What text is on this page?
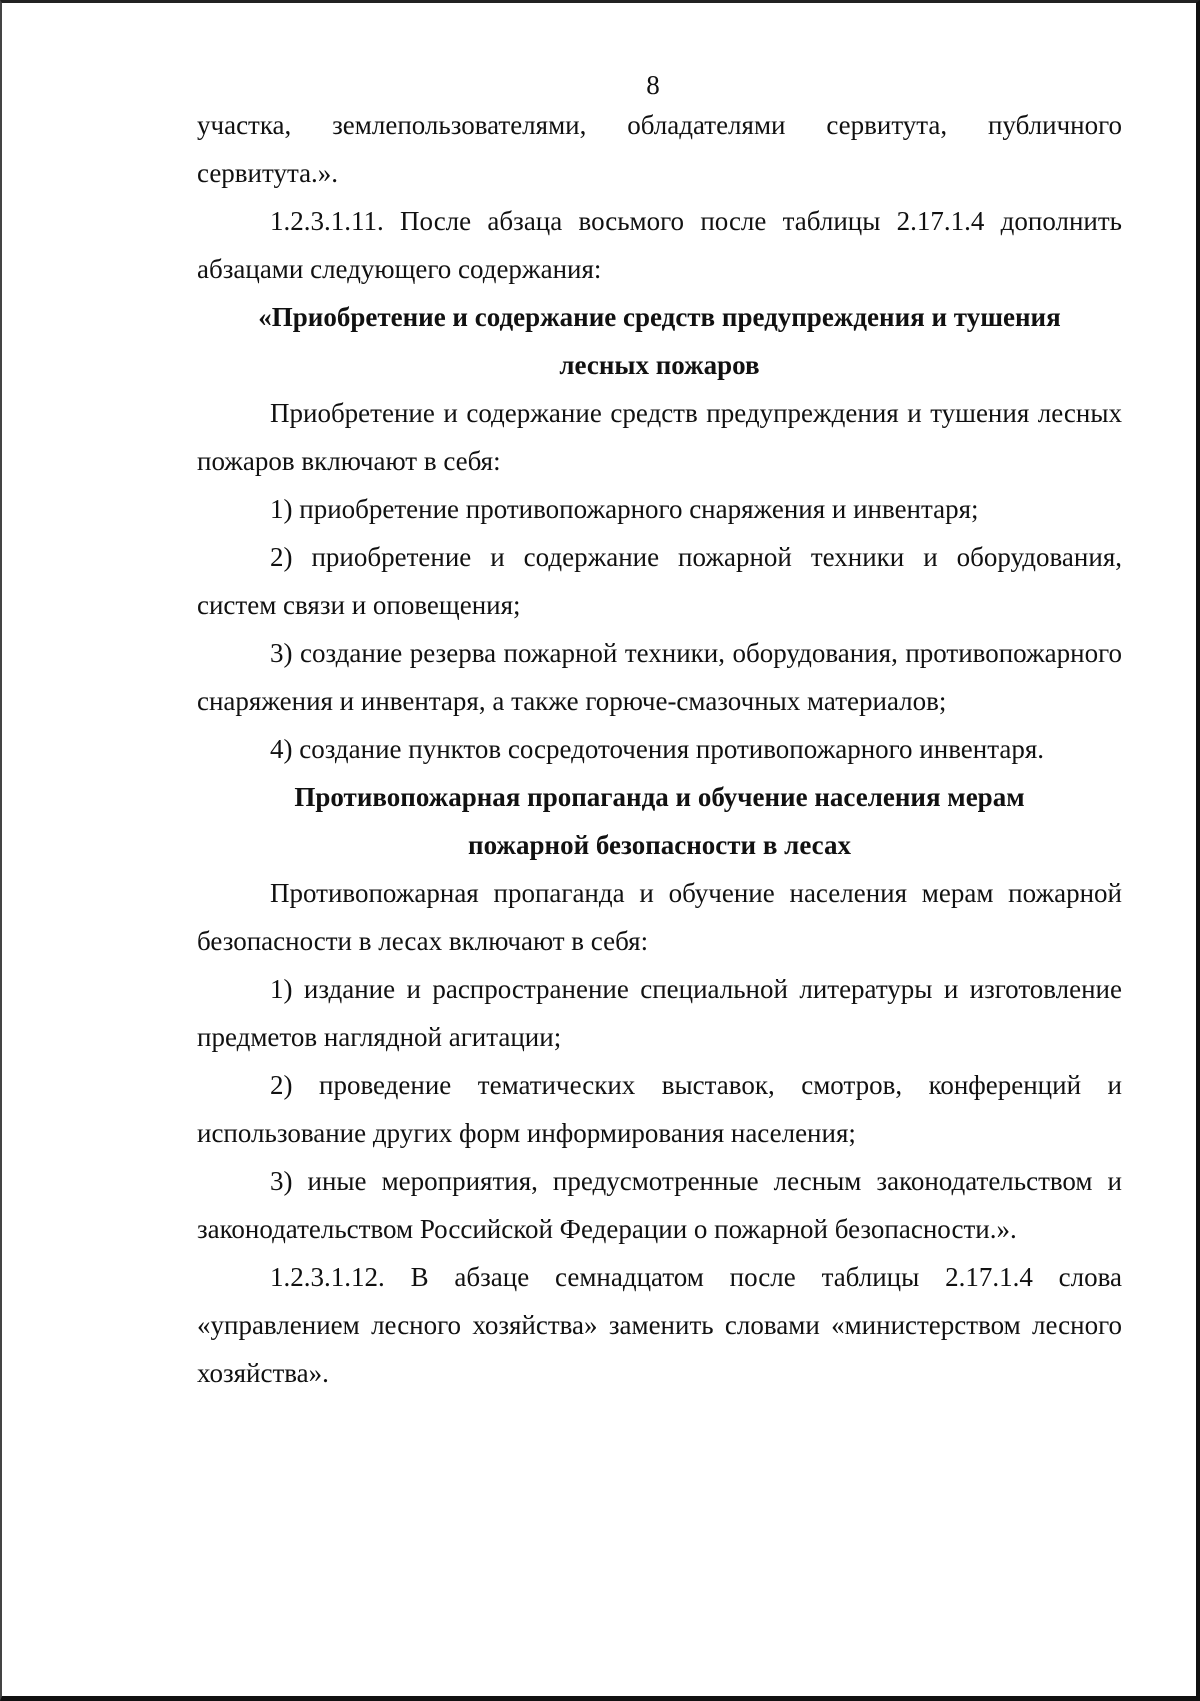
8

участка, землепользователями, обладателями сервитута, публичного сервитута.».

1.2.3.1.11. После абзаца восьмого после таблицы 2.17.1.4 дополнить абзацами следующего содержания:

«Приобретение и содержание средств предупреждения и тушения
лесных пожаров

Приобретение и содержание средств предупреждения и тушения лесных пожаров включают в себя:

1) приобретение противопожарного снаряжения и инвентаря;

2) приобретение и содержание пожарной техники и оборудования, систем связи и оповещения;

3) создание резерва пожарной техники, оборудования, противопожарного снаряжения и инвентаря, а также горюче-смазочных материалов;

4) создание пунктов сосредоточения противопожарного инвентаря.

Противопожарная пропаганда и обучение населения мерам
пожарной безопасности в лесах

Противопожарная пропаганда и обучение населения мерам пожарной безопасности в лесах включают в себя:

1) издание и распространение специальной литературы и изготовление предметов наглядной агитации;

2) проведение тематических выставок, смотров, конференций и использование других форм информирования населения;

3) иные мероприятия, предусмотренные лесным законодательством и законодательством Российской Федерации о пожарной безопасности.».

1.2.3.1.12. В абзаце семнадцатом после таблицы 2.17.1.4 слова «управлением лесного хозяйства» заменить словами «министерством лесного хозяйства».
